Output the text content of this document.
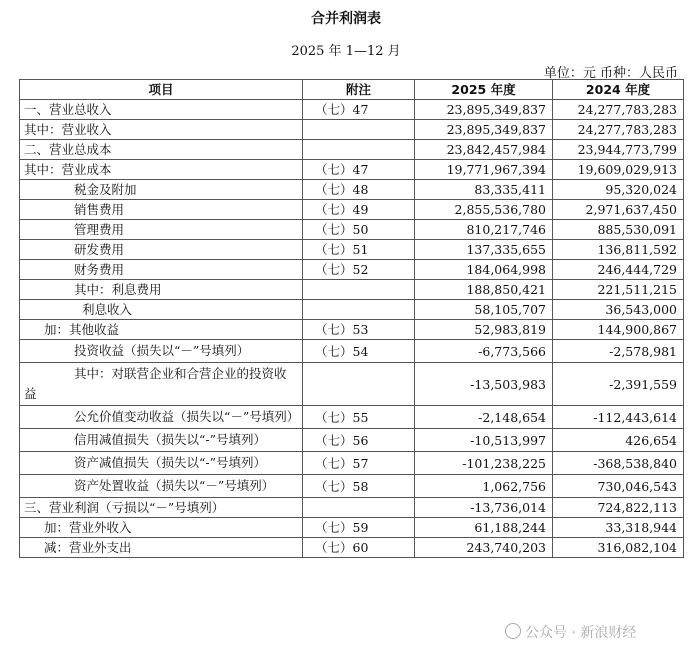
合并利润表
2025 年 1—12 月
单位：元 币种：人民币
项目	附注	2025 年度	2024 年度
一、营业总收入	（七）47	23,895,349,837	24,277,783,283
其中：营业收入		23,895,349,837	24,277,783,283
二、营业总成本		23,842,457,984	23,944,773,799
其中：营业成本	（七）47	19,771,967,394	19,609,029,913
税金及附加	（七）48	83,335,411	95,320,024
销售费用	（七）49	2,855,536,780	2,971,637,450
管理费用	（七）50	810,217,746	885,530,091
研发费用	（七）51	137,335,655	136,811,592
财务费用	（七）52	184,064,998	246,444,729
其中：利息费用		188,850,421	221,511,215
利息收入		58,105,707	36,543,000
加：其他收益	（七）53	52,983,819	144,900,867
投资收益（损失以“－”号填列）	（七）54	-6,773,566	-2,578,981
其中：对联营企业和合营企业的投资收益		-13,503,983	-2,391,559
公允价值变动收益（损失以“－”号填列）	（七）55	-2,148,654	-112,443,614
信用减值损失（损失以“-”号填列）	（七）56	-10,513,997	426,654
资产减值损失（损失以“-”号填列）	（七）57	-101,238,225	-368,538,840
资产处置收益（损失以“－”号填列）	（七）58	1,062,756	730,046,543
三、营业利润（亏损以“－”号填列）		-13,736,014	724,822,113
加：营业外收入	（七）59	61,188,244	33,318,944
减：营业外支出	（七）60	243,740,203	316,082,104
公众号 · 新浪财经
